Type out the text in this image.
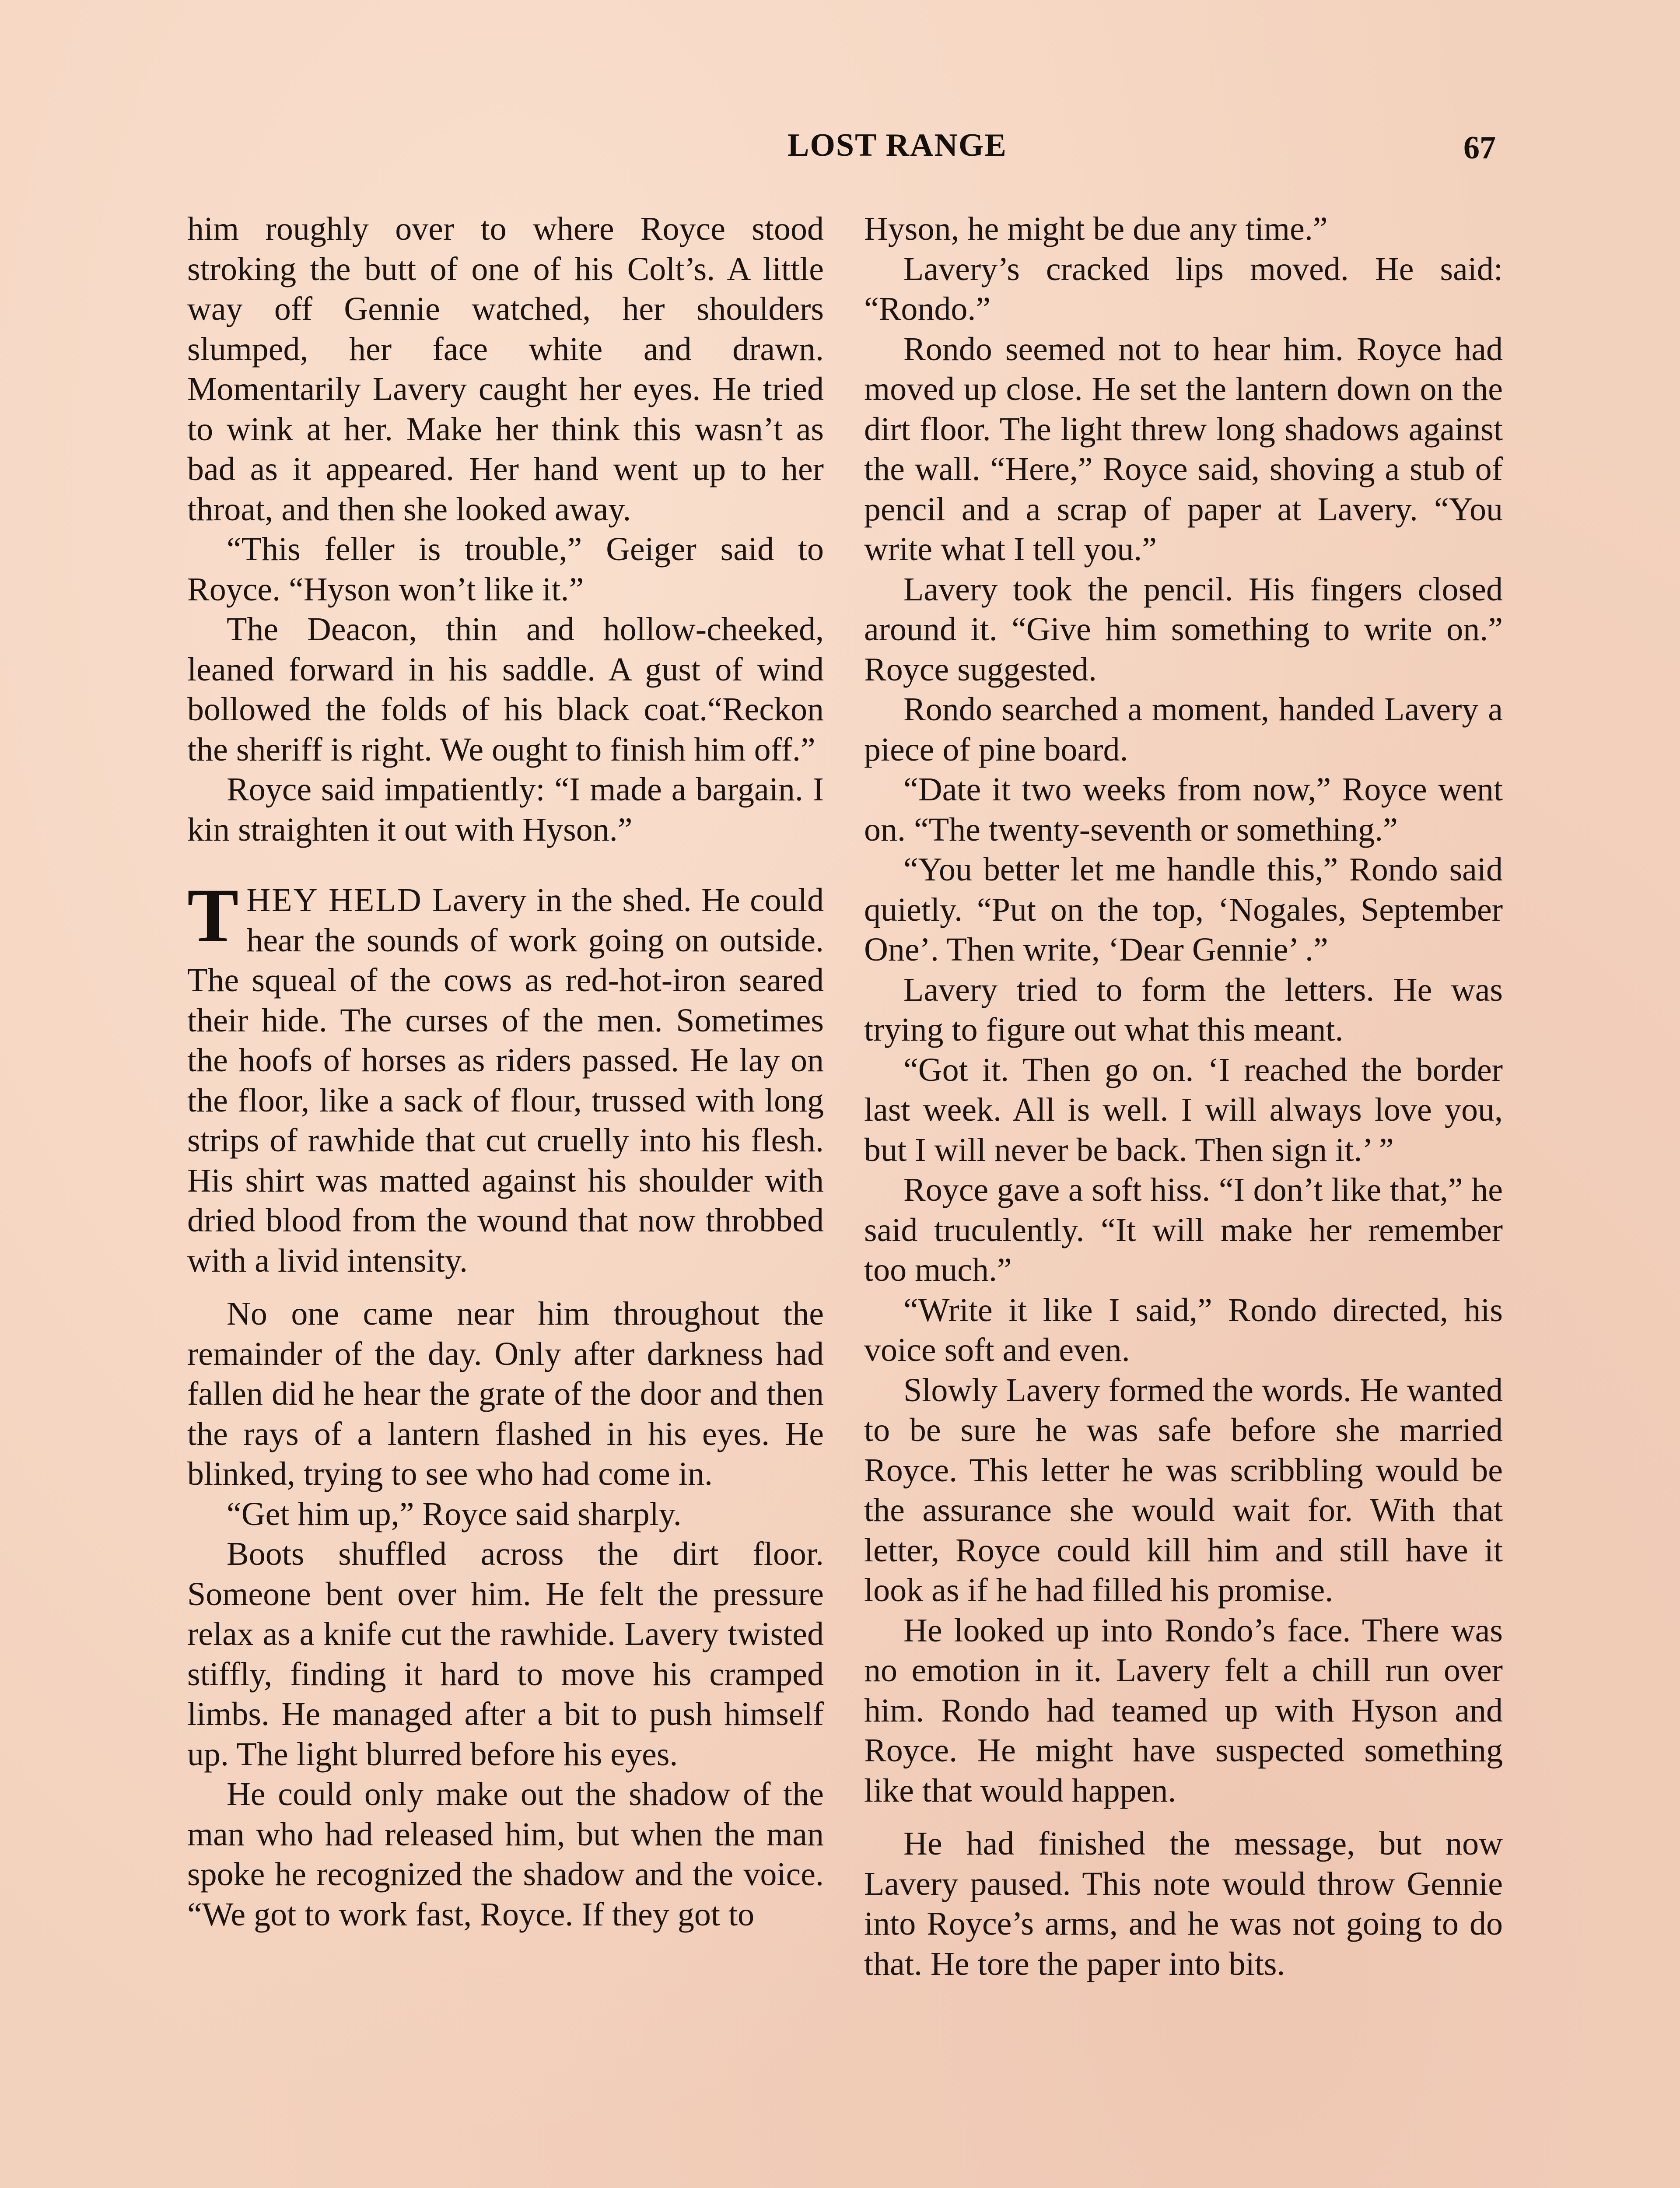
LOST RANGE	67

him roughly over to where Royce stood stroking the butt of one of his Colt’s. A little way off Gennie watched, her shoulders slumped, her face white and drawn. Momentarily Lavery caught her eyes. He tried to wink at her. Make her think this wasn’t as bad as it appeared. Her hand went up to her throat, and then she looked away.

“This feller is trouble,” Geiger said to Royce. “Hyson won’t like it.”

The Deacon, thin and hollow-cheeked, leaned forward in his saddle. A gust of wind bollowed the folds of his black coat.“Reckon the sheriff is right. We ought to finish him off.”

Royce said impatiently: “I made a bargain. I kin straighten it out with Hyson.”

THEY HELD Lavery in the shed. He could hear the sounds of work going on outside. The squeal of the cows as red-hot-iron seared their hide. The curses of the men. Sometimes the hoofs of horses as riders passed. He lay on the floor, like a sack of flour, trussed with long strips of rawhide that cut cruelly into his flesh. His shirt was matted against his shoulder with dried blood from the wound that now throbbed with a livid intensity.

No one came near him throughout the remainder of the day. Only after darkness had fallen did he hear the grate of the door and then the rays of a lantern flashed in his eyes. He blinked, trying to see who had come in.

“Get him up,” Royce said sharply.

Boots shuffled across the dirt floor. Someone bent over him. He felt the pressure relax as a knife cut the rawhide. Lavery twisted stiffly, finding it hard to move his cramped limbs. He managed after a bit to push himself up. The light blurred before his eyes.

He could only make out the shadow of the man who had released him, but when the man spoke he recognized the shadow and the voice. “We got to work fast, Royce. If they got to

Hyson, he might be due any time.”

Lavery’s cracked lips moved. He said: “Rondo.”

Rondo seemed not to hear him. Royce had moved up close. He set the lantern down on the dirt floor. The light threw long shadows against the wall. “Here,” Royce said, shoving a stub of pencil and a scrap of paper at Lavery. “You write what I tell you.”

Lavery took the pencil. His fingers closed around it. “Give him something to write on.” Royce suggested.

Rondo searched a moment, handed Lavery a piece of pine board.

“Date it two weeks from now,” Royce went on. “The twenty-seventh or something.”

“You better let me handle this,” Rondo said quietly. “Put on the top, ‘Nogales, September One’. Then write, ‘Dear Gennie’ .”

Lavery tried to form the letters. He was trying to figure out what this meant.

“Got it. Then go on. ‘I reached the border last week. All is well. I will always love you, but I will never be back. Then sign it.’ ”

Royce gave a soft hiss. “I don’t like that,” he said truculently. “It will make her remember too much.”

“Write it like I said,” Rondo directed, his voice soft and even.

Slowly Lavery formed the words. He wanted to be sure he was safe before she married Royce. This letter he was scribbling would be the assurance she would wait for. With that letter, Royce could kill him and still have it look as if he had filled his promise.

He looked up into Rondo’s face. There was no emotion in it. Lavery felt a chill run over him. Rondo had teamed up with Hyson and Royce. He might have suspected something like that would happen.

He had finished the message, but now Lavery paused. This note would throw Gennie into Royce’s arms, and he was not going to do that. He tore the paper into bits.
